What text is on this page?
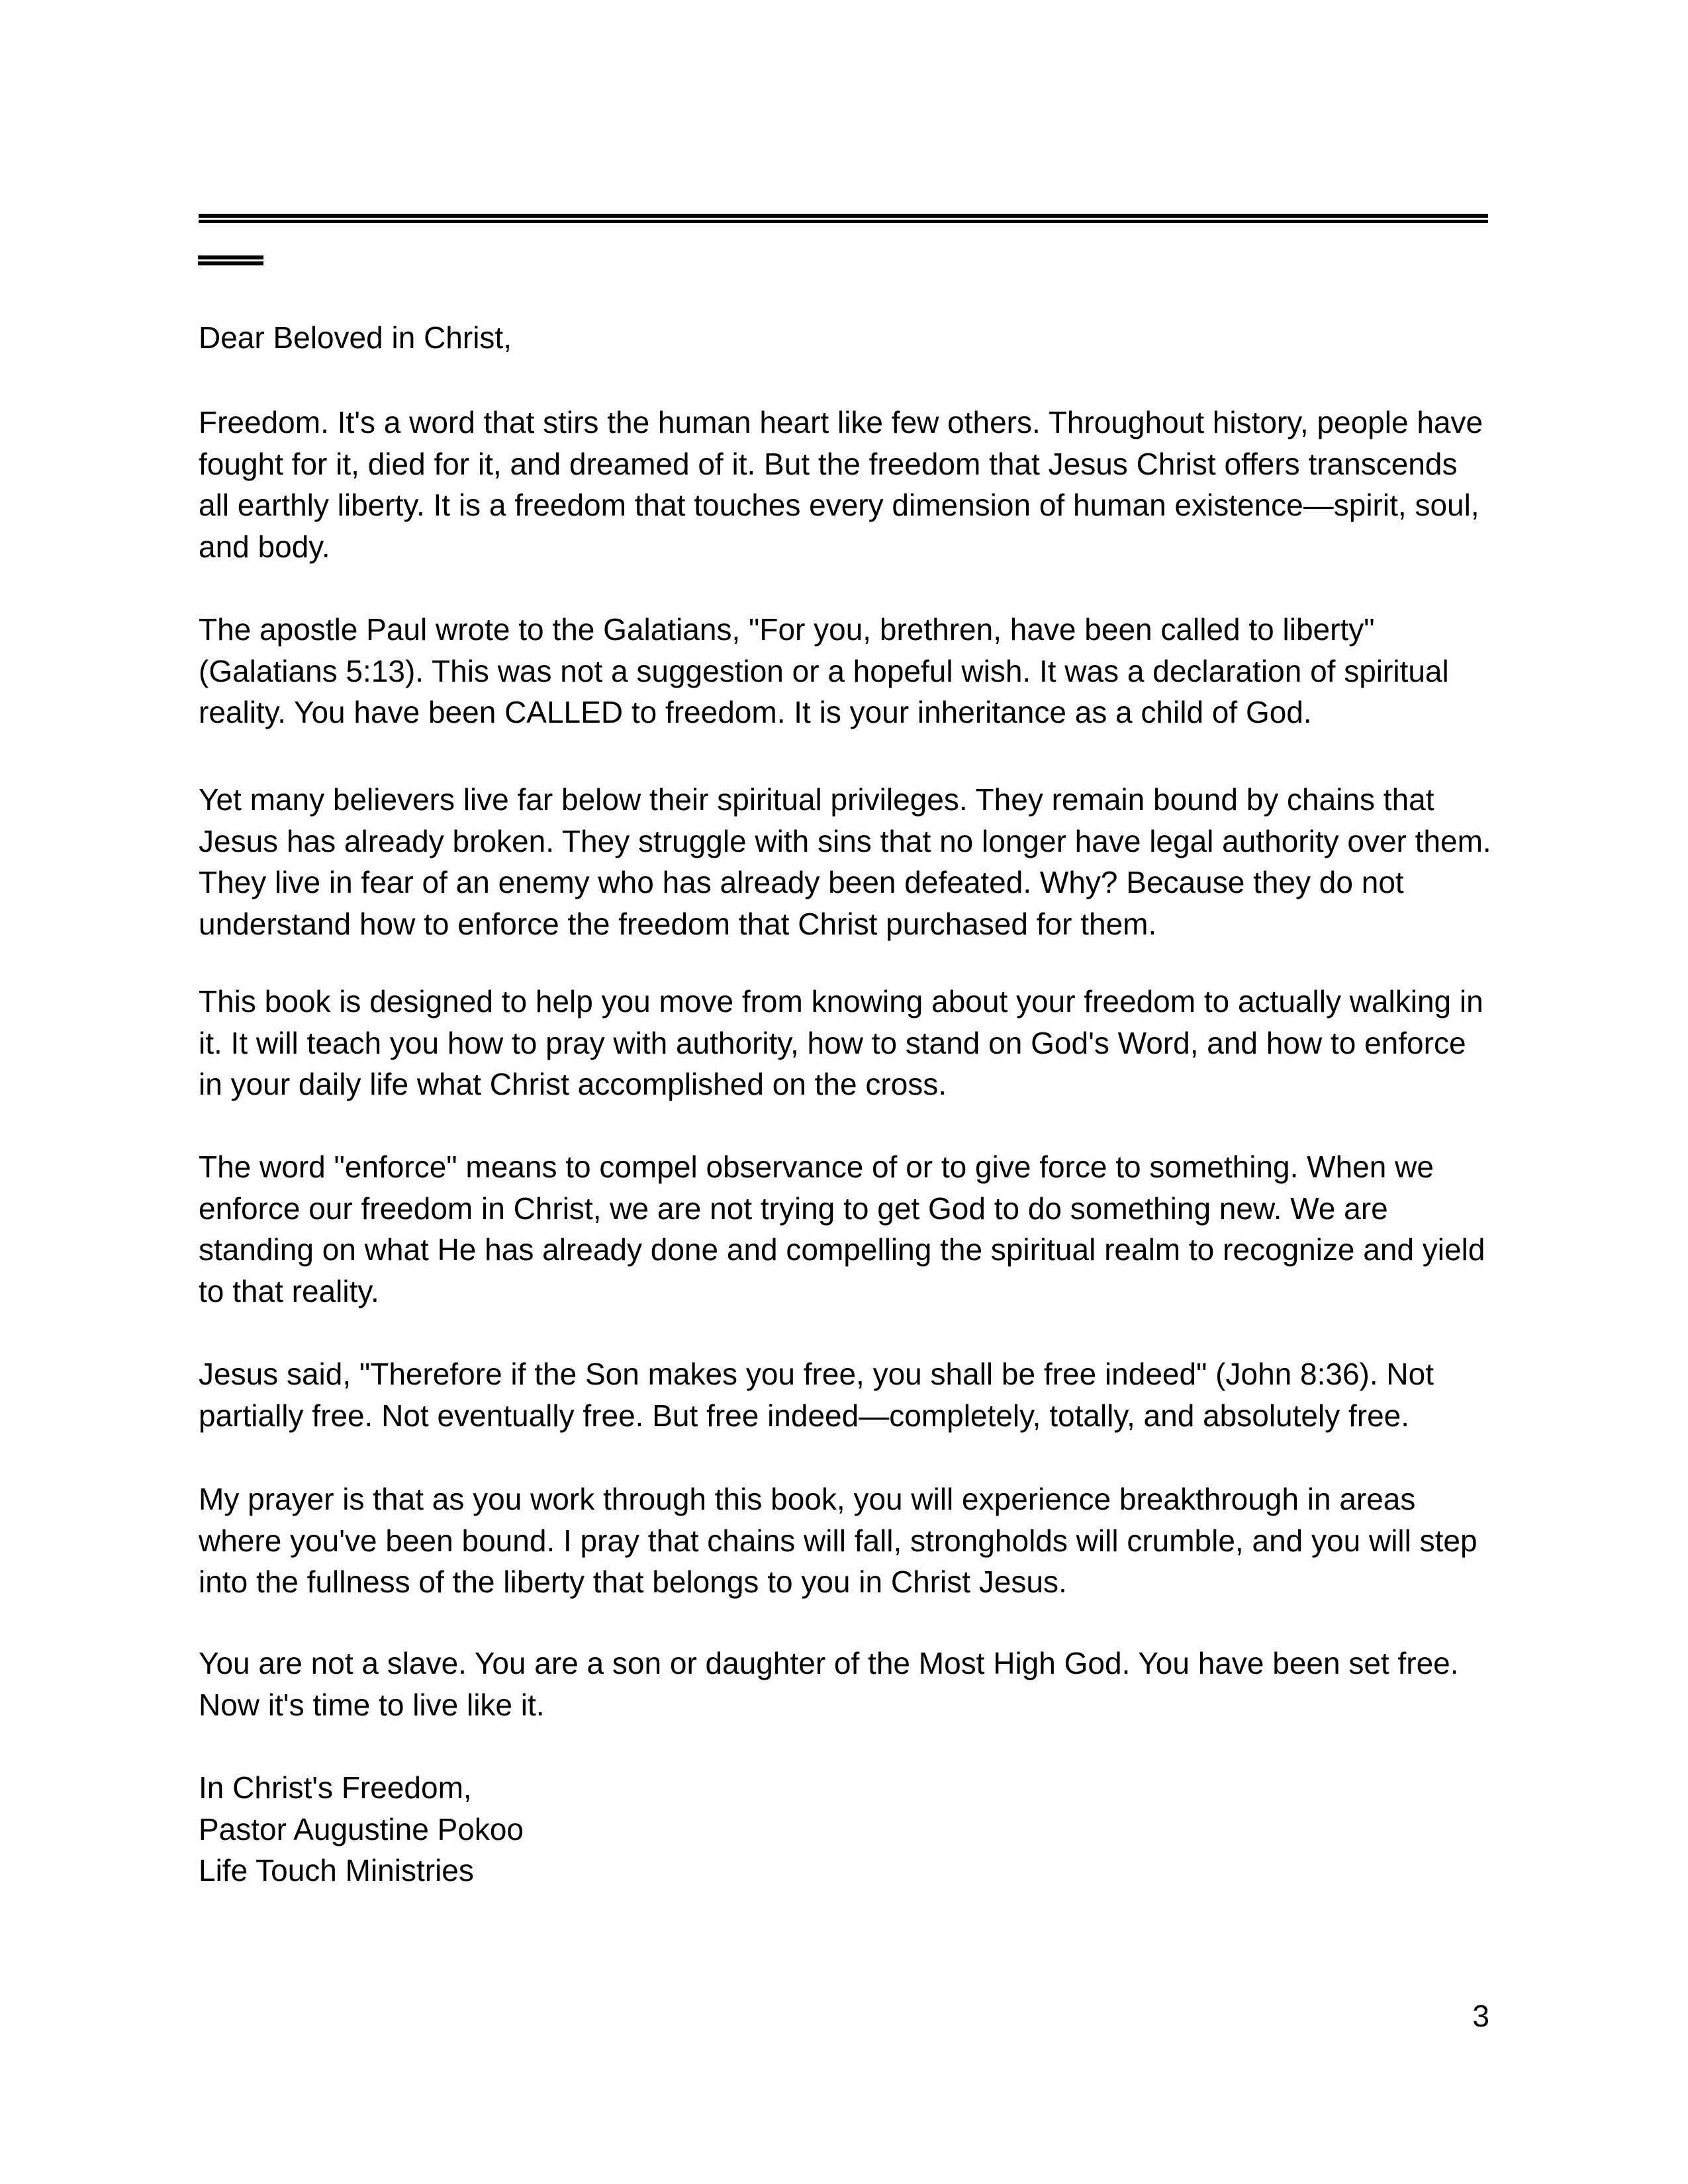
Dear Beloved in Christ,
Freedom. It's a word that stirs the human heart like few others. Throughout history, people have
fought for it, died for it, and dreamed of it. But the freedom that Jesus Christ offers transcends
all earthly liberty. It is a freedom that touches every dimension of human existence—spirit, soul,
and body.
The apostle Paul wrote to the Galatians, "For you, brethren, have been called to liberty"
(Galatians 5:13). This was not a suggestion or a hopeful wish. It was a declaration of spiritual
reality. You have been CALLED to freedom. It is your inheritance as a child of God.
Yet many believers live far below their spiritual privileges. They remain bound by chains that
Jesus has already broken. They struggle with sins that no longer have legal authority over them.
They live in fear of an enemy who has already been defeated. Why? Because they do not
understand how to enforce the freedom that Christ purchased for them.
This book is designed to help you move from knowing about your freedom to actually walking in
it. It will teach you how to pray with authority, how to stand on God's Word, and how to enforce
in your daily life what Christ accomplished on the cross.
The word "enforce" means to compel observance of or to give force to something. When we
enforce our freedom in Christ, we are not trying to get God to do something new. We are
standing on what He has already done and compelling the spiritual realm to recognize and yield
to that reality.
Jesus said, "Therefore if the Son makes you free, you shall be free indeed" (John 8:36). Not
partially free. Not eventually free. But free indeed—completely, totally, and absolutely free.
My prayer is that as you work through this book, you will experience breakthrough in areas
where you've been bound. I pray that chains will fall, strongholds will crumble, and you will step
into the fullness of the liberty that belongs to you in Christ Jesus.
You are not a slave. You are a son or daughter of the Most High God. You have been set free.
Now it's time to live like it.
In Christ's Freedom,
Pastor Augustine Pokoo
Life Touch Ministries
3
